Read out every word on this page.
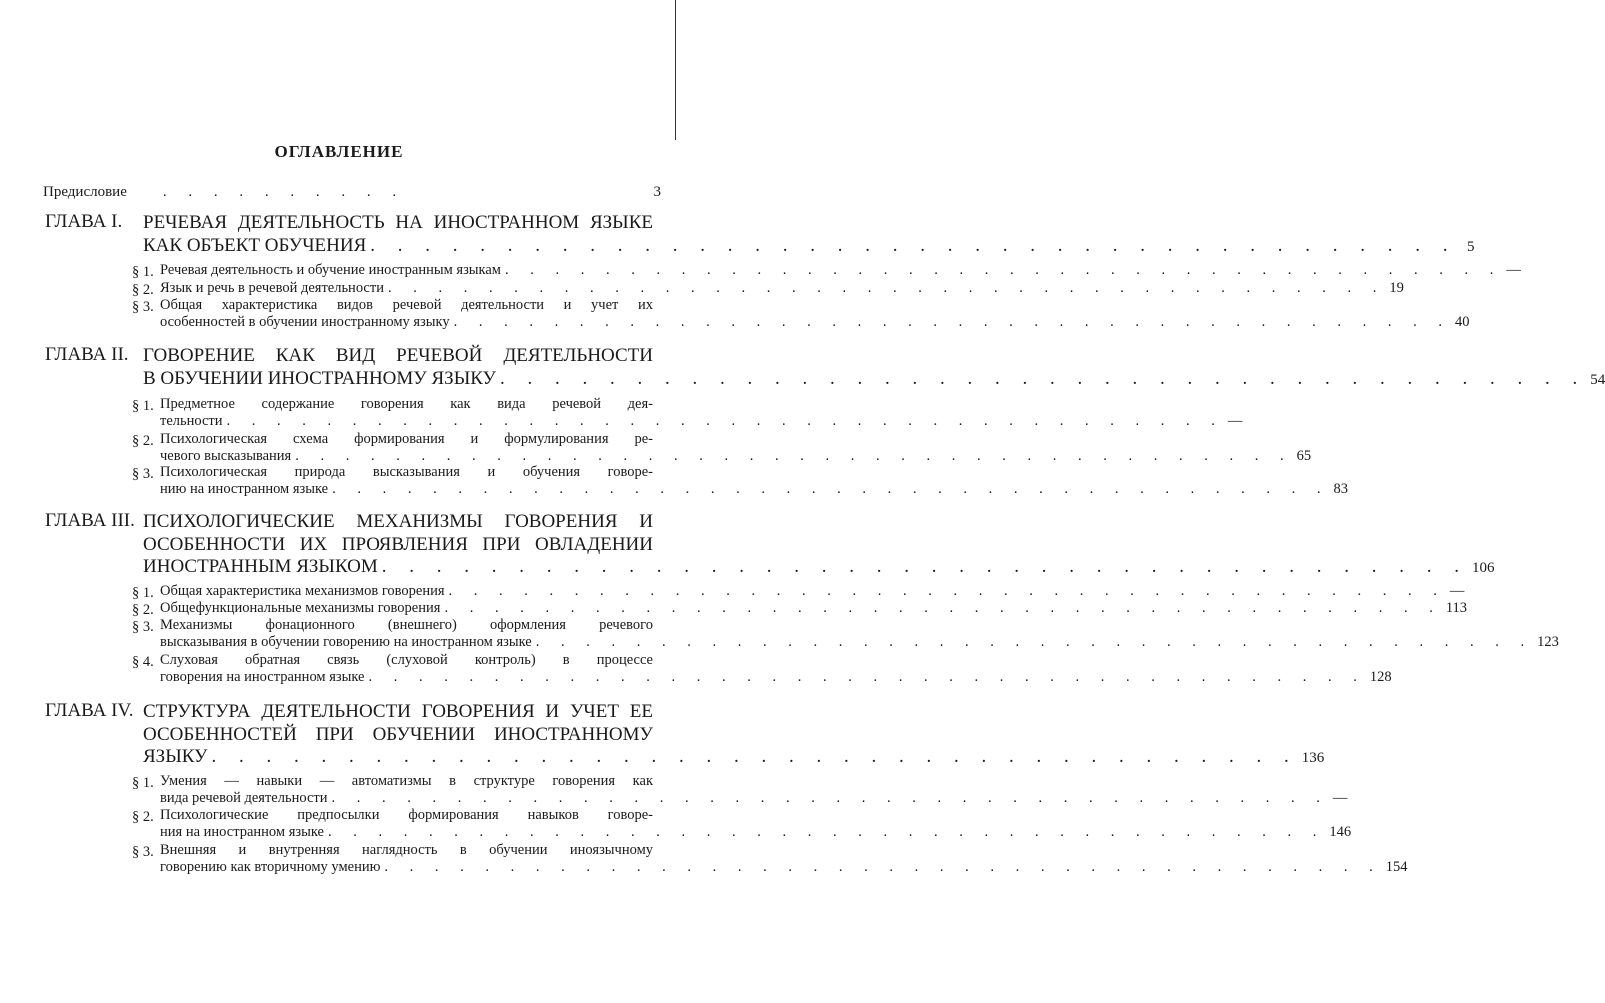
ОГЛАВЛЕНИЕ
Предисловие . . . . . . . . . .	3
ГЛАВА I. РЕЧЕВАЯ ДЕЯТЕЛЬНОСТЬ НА ИНОСТРАННОМ ЯЗЫКЕ
КАК ОБЪЕКТ ОБУЧЕНИЯ . . . . . . . . . . . . . . . . . . . . . . . . . . . . . . . . . . . . . . . . 5
§ 1. Речевая деятельность и обучение иностранным языкам . . . . . . . . . . . . . . . . . . . . . . . . . . . . . . . . . . . . . . . . —
§ 2. Язык и речь в речевой деятельности . . . . . . . . . . . . . . . . . . . . . . . . . . . . . . . . . . . . . . . . 19
§ 3. Общая характеристика видов речевой деятельности и учет их
особенностей в обучении иностранному языку . . . . . . . . . . . . . . . . . . . . . . . . . . . . . . . . . . . . . . . . 40
ГЛАВА II. ГОВОРЕНИЕ КАК ВИД РЕЧЕВОЙ ДЕЯТЕЛЬНОСТИ
В ОБУЧЕНИИ ИНОСТРАННОМУ ЯЗЫКУ . . . . . . . . . . . . . . . . . . . . . . . . . . . . . . . . . . . . . . . . 54
§ 1. Предметное содержание говорения как вида речевой дея-
тельности . . . . . . . . . . . . . . . . . . . . . . . . . . . . . . . . . . . . . . . . —
§ 2. Психологическая схема формирования и формулирования ре-
чевого высказывания . . . . . . . . . . . . . . . . . . . . . . . . . . . . . . . . . . . . . . . . 65
§ 3. Психологическая природа высказывания и обучения говоре-
нию на иностранном языке . . . . . . . . . . . . . . . . . . . . . . . . . . . . . . . . . . . . . . . . 83
ГЛАВА III. ПСИХОЛОГИЧЕСКИЕ МЕХАНИЗМЫ ГОВОРЕНИЯ И
ОСОБЕННОСТИ ИХ ПРОЯВЛЕНИЯ ПРИ ОВЛАДЕНИИ
ИНОСТРАННЫМ ЯЗЫКОМ . . . . . . . . . . . . . . . . . . . . . . . . . . . . . . . . . . . . . . . . 106
§ 1. Общая характеристика механизмов говорения . . . . . . . . . . . . . . . . . . . . . . . . . . . . . . . . . . . . . . . . —
§ 2. Общефункциональные механизмы говорения . . . . . . . . . . . . . . . . . . . . . . . . . . . . . . . . . . . . . . . . 113
§ 3. Механизмы фонационного (внешнего) оформления речевого
высказывания в обучении говорению на иностранном языке . . . . . . . . . . . . . . . . . . . . . . . . . . . . . . . . . . . . . . . . 123
§ 4. Слуховая обратная связь (слуховой контроль) в процессе
говорения на иностранном языке . . . . . . . . . . . . . . . . . . . . . . . . . . . . . . . . . . . . . . . . 128
ГЛАВА IV. СТРУКТУРА ДЕЯТЕЛЬНОСТИ ГОВОРЕНИЯ И УЧЕТ ЕЕ
ОСОБЕННОСТЕЙ ПРИ ОБУЧЕНИИ ИНОСТРАННОМУ
ЯЗЫКУ . . . . . . . . . . . . . . . . . . . . . . . . . . . . . . . . . . . . . . . . 136
§ 1. Умения — навыки — автоматизмы в структуре говорения как
вида речевой деятельности . . . . . . . . . . . . . . . . . . . . . . . . . . . . . . . . . . . . . . . . —
§ 2. Психологические предпосылки формирования навыков говоре-
ния на иностранном языке . . . . . . . . . . . . . . . . . . . . . . . . . . . . . . . . . . . . . . . . 146
§ 3. Внешняя и внутренняя наглядность в обучении иноязычному
говорению как вторичному умению . . . . . . . . . . . . . . . . . . . . . . . . . . . . . . . . . . . . . . . . 154
